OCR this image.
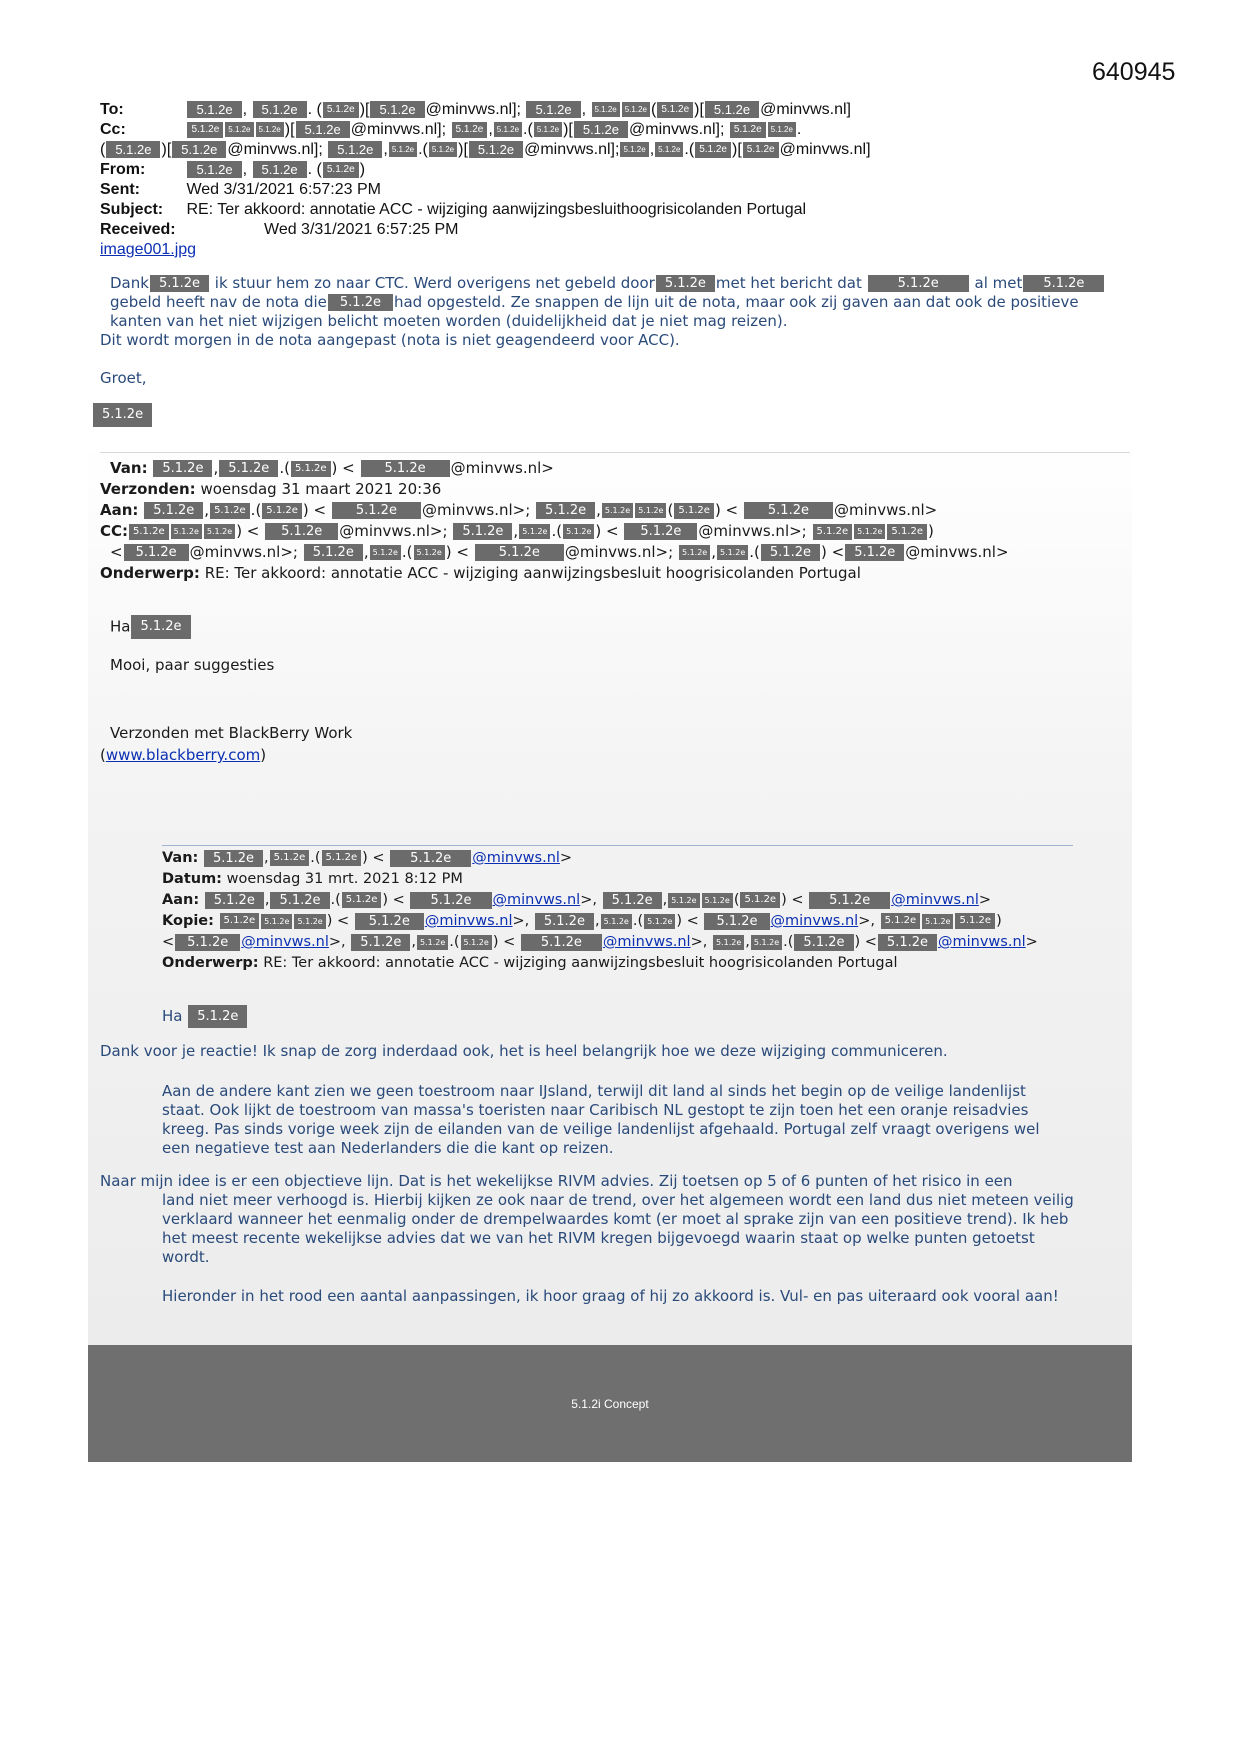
640945
To:	5.1.2e , 5.1.2e . ( 5.1.2e )[ 5.1.2e @minvws.nl]; 5.1.2e , 5.1.2e 5.1.2e ( 5.1.2e )[ 5.1.2e @minvws.nl]
Cc:	5.1.2e 5.1.2e 5.1.2e )[ 5.1.2e @minvws.nl]; 5.1.2e , 5.1.2e .( 5.1.2e )[ 5.1.2e @minvws.nl]; 5.1.2e 5.1.2e .
( 5.1.2e )[ 5.1.2e @minvws.nl]; 5.1.2e , 5.1.2e .( 5.1.2e )[ 5.1.2e @minvws.nl]; 5.1.2e , 5.1.2e .( 5.1.2e )[ 5.1.2e @minvws.nl]
From:	5.1.2e , 5.1.2e . ( 5.1.2e )
Sent:	Wed 3/31/2021 6:57:23 PM
Subject: RE: Ter akkoord: annotatie ACC - wijziging aanwijzingsbesluithoogrisicolanden Portugal
Received:	Wed 3/31/2021 6:57:25 PM
image001.jpg
Dank 5.1.2e ik stuur hem zo naar CTC. Werd overigens net gebeld door 5.1.2e met het bericht dat	5.1.2e al met 5.1.2e
gebeld heeft nav de nota die 5.1.2e had opgesteld. Ze snappen de lijn uit de nota, maar ook zij gaven aan dat ook de positieve
kanten van het niet wijzigen belicht moeten worden (duidelijkheid dat je niet mag reizen).
Dit wordt morgen in de nota aangepast (nota is niet geagendeerd voor ACC).
Groet,
5.1.2e
Van: 5.1.2e , 5.1.2e .( 5.1.2e ) < 5.1.2e @minvws.nl>
Verzonden: woensdag 31 maart 2021 20:36
Aan: 5.1.2e , 5.1.2e .( 5.1.2e ) < 5.1.2e @minvws.nl>; 5.1.2e , 5.1.2e 5.1.2e ( 5.1.2e ) < 5.1.2e @minvws.nl>
CC: 5.1.2e 5.1.2e 5.1.2e ) < 5.1.2e @minvws.nl>; 5.1.2e , 5.1.2e .( 5.1.2e ) < 5.1.2e @minvws.nl>; 5.1.2e 5.1.2e 5.1.2e )
< 5.1.2e @minvws.nl>; 5.1.2e , 5.1.2e .( 5.1.2e ) < 5.1.2e @minvws.nl>; 5.1.2e , 5.1.2e .( 5.1.2e ) < 5.1.2e @minvws.nl>
Onderwerp: RE: Ter akkoord: annotatie ACC - wijziging aanwijzingsbesluit hoogrisicolanden Portugal
Ha 5.1.2e
Mooi, paar suggesties
Verzonden met BlackBerry Work
(www.blackberry.com)
Van: 5.1.2e , 5.1.2e .( 5.1.2e ) < 5.1.2e @minvws.nl>
Datum: woensdag 31 mrt. 2021 8:12 PM
Aan: 5.1.2e , 5.1.2e .( 5.1.2e ) < 5.1.2e @minvws.nl>, 5.1.2e , 5.1.2e 5.1.2e ( 5.1.2e ) < 5.1.2e @minvws.nl>
Kopie: 5.1.2e 5.1.2e 5.1.2e ) < 5.1.2e @minvws.nl>, 5.1.2e , 5.1.2e .( 5.1.2e ) < 5.1.2e @minvws.nl>, 5.1.2e 5.1.2e 5.1.2e )
< 5.1.2e @minvws.nl>, 5.1.2e , 5.1.2e .( 5.1.2e ) < 5.1.2e @minvws.nl>, 5.1.2e , 5.1.2e .( 5.1.2e ) < 5.1.2e @minvws.nl>
Onderwerp: RE: Ter akkoord: annotatie ACC - wijziging aanwijzingsbesluit hoogrisicolanden Portugal
Ha 5.1.2e
Dank voor je reactie! Ik snap de zorg inderdaad ook, het is heel belangrijk hoe we deze wijziging communiceren.
Aan de andere kant zien we geen toestroom naar IJsland, terwijl dit land al sinds het begin op de veilige landenlijst staat. Ook lijkt de toestroom van massa's toeristen naar Caribisch NL gestopt te zijn toen het een oranje reisadvies kreeg. Pas sinds vorige week zijn de eilanden van de veilige landenlijst afgehaald. Portugal zelf vraagt overigens wel een negatieve test aan Nederlanders die die kant op reizen.
Naar mijn idee is er een objectieve lijn. Dat is het wekelijkse RIVM advies. Zij toetsen op 5 of 6 punten of het risico in een
land niet meer verhoogd is. Hierbij kijken ze ook naar de trend, over het algemeen wordt een land dus niet meteen veilig verklaard wanneer het eenmalig onder de drempelwaardes komt (er moet al sprake zijn van een positieve trend). Ik heb het meest recente wekelijkse advies dat we van het RIVM kregen bijgevoegd waarin staat op welke punten getoetst wordt.
Hieronder in het rood een aantal aanpassingen, ik hoor graag of hij zo akkoord is. Vul- en pas uiteraard ook vooral aan!
5.1.2i Concept
